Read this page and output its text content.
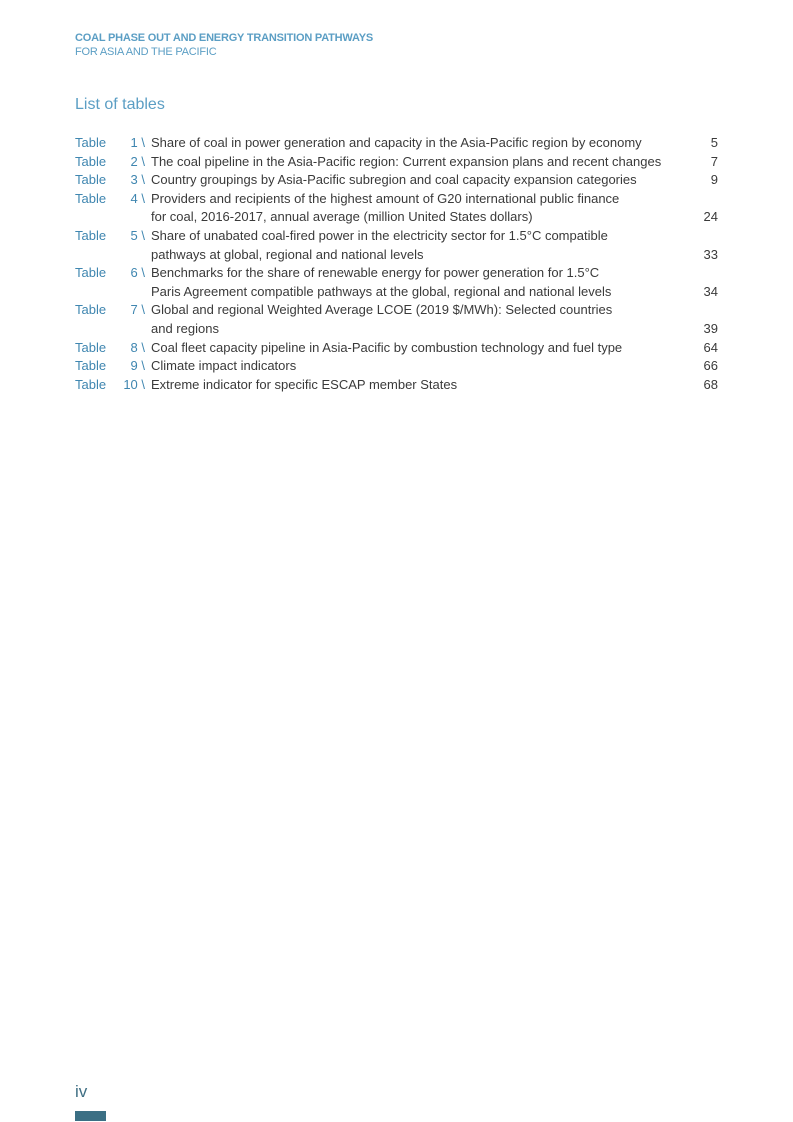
COAL PHASE OUT AND ENERGY TRANSITION PATHWAYS
FOR ASIA AND THE PACIFIC
List of tables
Table	1 \ Share of coal in power generation and capacity in the Asia-Pacific region by economy	5
Table	2 \ The coal pipeline in the Asia-Pacific region: Current expansion plans and recent changes	7
Table	3 \ Country groupings by Asia-Pacific subregion and coal capacity expansion categories	9
Table	4 \ Providers and recipients of the highest amount of G20 international public finance
for coal, 2016-2017, annual average (million United States dollars)	24
Table	5 \ Share of unabated coal-fired power in the electricity sector for 1.5°C compatible
pathways at global, regional and national levels	33
Table	6 \ Benchmarks for the share of renewable energy for power generation for 1.5°C
Paris Agreement compatible pathways at the global, regional and national levels	34
Table	7 \ Global and regional Weighted Average LCOE (2019 $/MWh): Selected countries
and regions	39
Table	8 \ Coal fleet capacity pipeline in Asia-Pacific by combustion technology and fuel type	64
Table	9 \ Climate impact indicators	66
Table	10 \ Extreme indicator for specific ESCAP member States	68
iv
